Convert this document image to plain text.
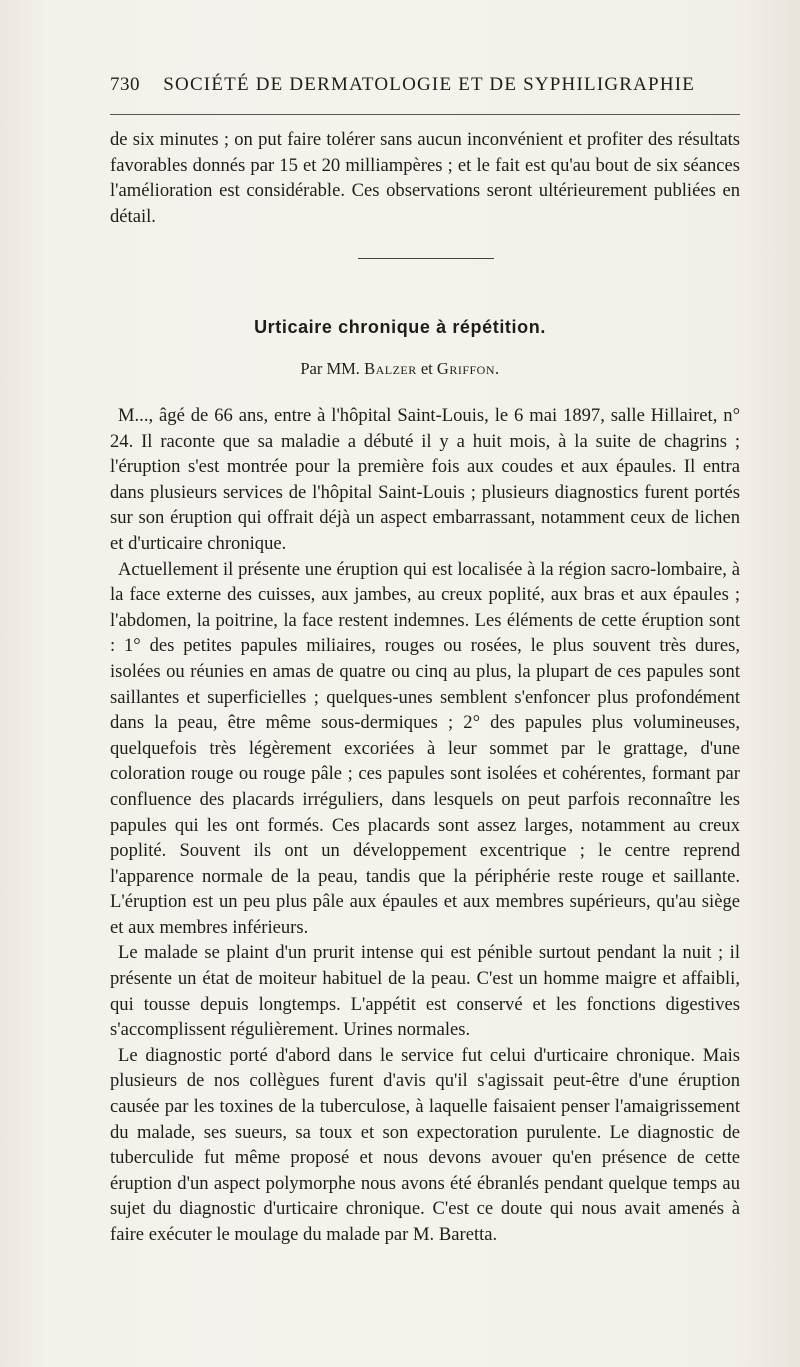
730 SOCIÉTÉ DE DERMATOLOGIE ET DE SYPHILIGRAPHIE

de six minutes ; on put faire tolérer sans aucun inconvénient et profiter des résultats favorables donnés par 15 et 20 milliampères ; et le fait est qu'au bout de six séances l'amélioration est considérable. Ces observations seront ultérieurement publiées en détail.

Urticaire chronique à répétition.
Par MM. Balzer et Griffon.

M..., âgé de 66 ans, entre à l'hôpital Saint-Louis, le 6 mai 1897, salle Hillairet, n° 24. Il raconte que sa maladie a débuté il y a huit mois, à la suite de chagrins ; l'éruption s'est montrée pour la première fois aux coudes et aux épaules. Il entra dans plusieurs services de l'hôpital Saint-Louis ; plusieurs diagnostics furent portés sur son éruption qui offrait déjà un aspect embarrassant, notamment ceux de lichen et d'urticaire chronique.

Actuellement il présente une éruption qui est localisée à la région sacro-lombaire, à la face externe des cuisses, aux jambes, au creux poplité, aux bras et aux épaules ; l'abdomen, la poitrine, la face restent indemnes. Les éléments de cette éruption sont : 1° des petites papules miliaires, rouges ou rosées, le plus souvent très dures, isolées ou réunies en amas de quatre ou cinq au plus, la plupart de ces papules sont saillantes et superficielles ; quelques-unes semblent s'enfoncer plus profondément dans la peau, être même sous-dermiques ; 2° des papules plus volumineuses, quelquefois très légèrement excoriées à leur sommet par le grattage, d'une coloration rouge ou rouge pâle ; ces papules sont isolées et cohérentes, formant par confluence des placards irréguliers, dans lesquels on peut parfois reconnaître les papules qui les ont formés. Ces placards sont assez larges, notamment au creux poplité. Souvent ils ont un développement excentrique ; le centre reprend l'apparence normale de la peau, tandis que la périphérie reste rouge et saillante. L'éruption est un peu plus pâle aux épaules et aux membres supérieurs, qu'au siège et aux membres inférieurs.

Le malade se plaint d'un prurit intense qui est pénible surtout pendant la nuit ; il présente un état de moiteur habituel de la peau. C'est un homme maigre et affaibli, qui tousse depuis longtemps. L'appétit est conservé et les fonctions digestives s'accomplissent régulièrement. Urines normales.

Le diagnostic porté d'abord dans le service fut celui d'urticaire chronique. Mais plusieurs de nos collègues furent d'avis qu'il s'agissait peut-être d'une éruption causée par les toxines de la tuberculose, à laquelle faisaient penser l'amaigrissement du malade, ses sueurs, sa toux et son expectoration purulente. Le diagnostic de tuberculide fut même proposé et nous devons avouer qu'en présence de cette éruption d'un aspect polymorphe nous avons été ébranlés pendant quelque temps au sujet du diagnostic d'urticaire chronique. C'est ce doute qui nous avait amenés à faire exécuter le moulage du malade par M. Baretta.
